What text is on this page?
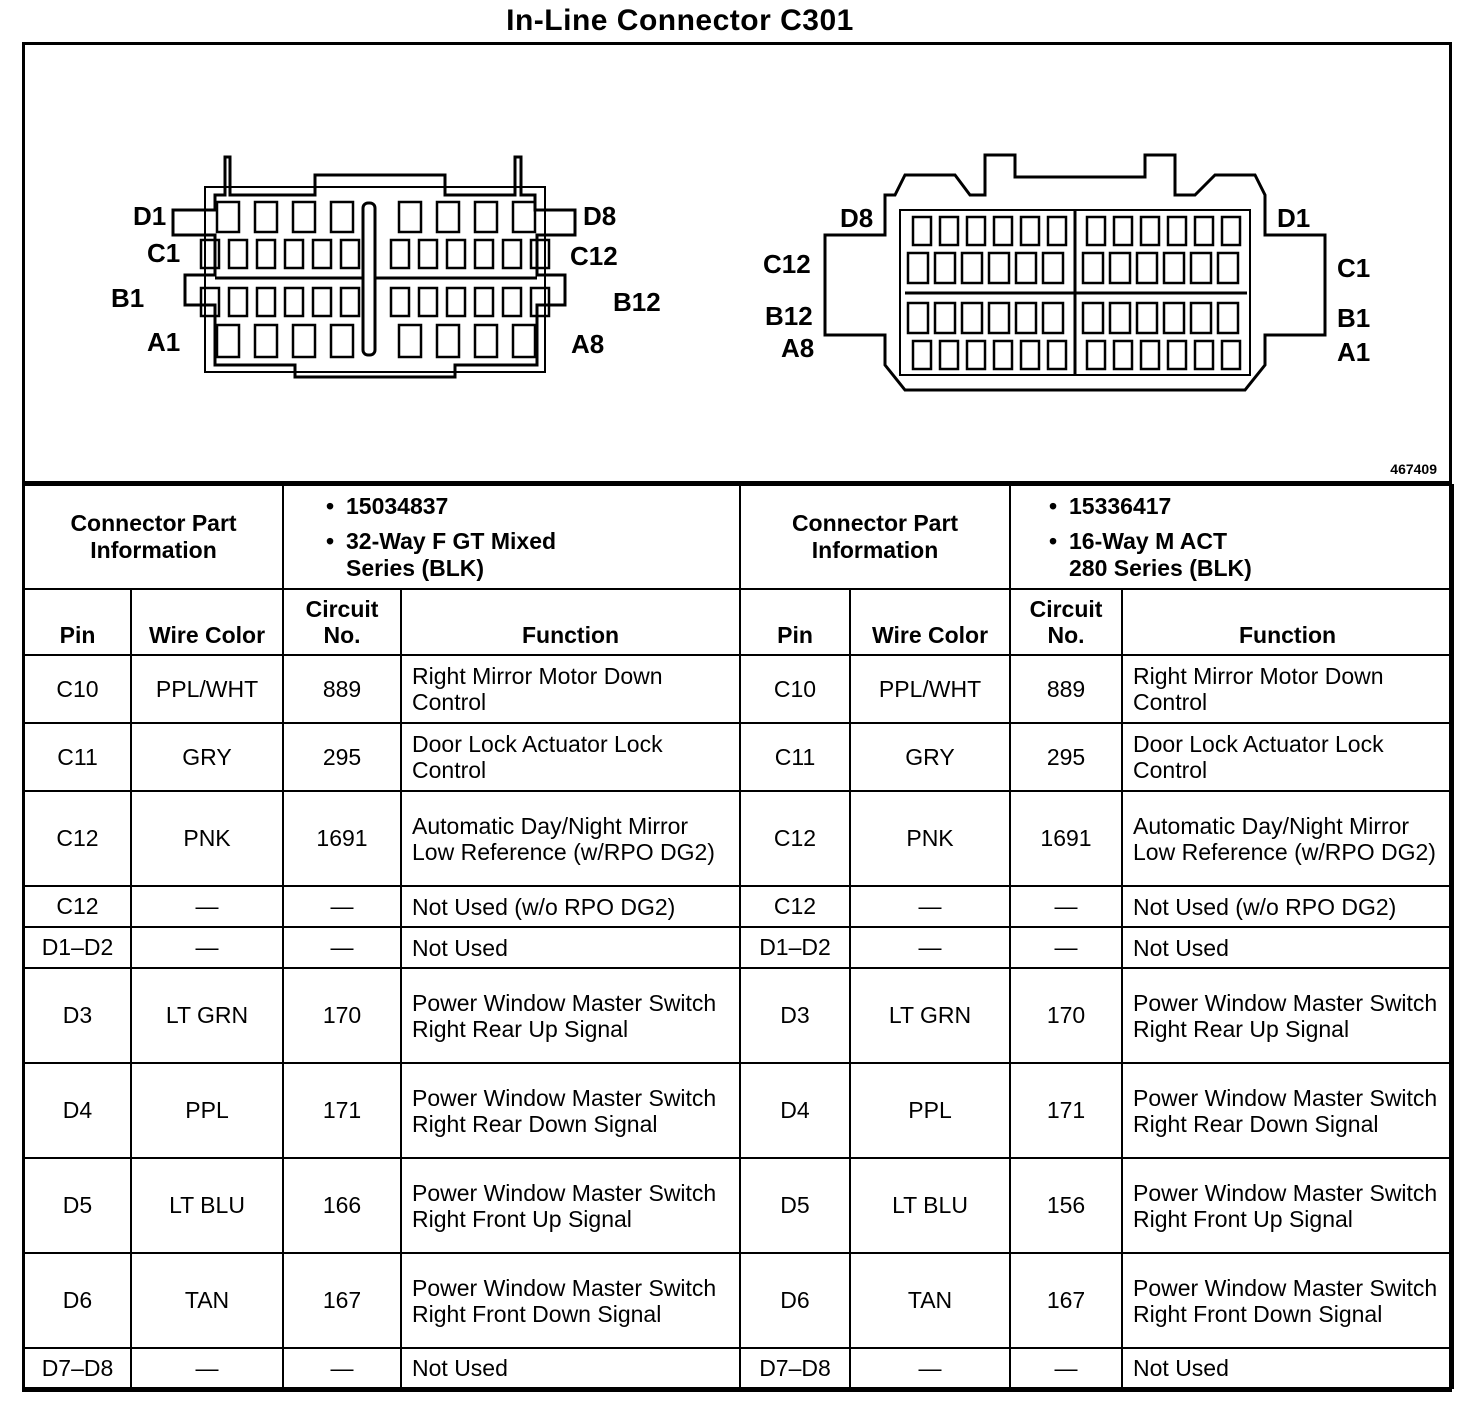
In-Line Connector C301
D1
C1
B1
A1
D8
C12
B12
A8
D8
C12
B12
A8
D1
C1
B1
A1
467409
Connector Part Information		• 15034837
• 32-Way F GT Mixed
Series (BLK)

Pin	Wire Color	Circuit No.	Function
C10	PPL/WHT	889	Right Mirror Motor Down Control
C11	GRY	295	Door Lock Actuator Lock Control
C12	PNK	1691	Automatic Day/Night Mirror Low Reference (w/RPO DG2)
C12	—	—	Not Used (w/o RPO DG2)
D1–D2	—	—	Not Used
D3	LT GRN	170	Power Window Master Switch Right Rear Up Signal
D4	PPL	171	Power Window Master Switch Right Rear Down Signal
D5	LT BLU	166	Power Window Master Switch Right Front Up Signal
D6	TAN	167	Power Window Master Switch Right Front Down Signal
D7–D8	—	—	Not Used
Connector Part Information		• 15336417
• 16-Way M ACT
280 Series (BLK)

Pin	Wire Color	Circuit No.	Function
C10	PPL/WHT	889	Right Mirror Motor Down Control
C11	GRY	295	Door Lock Actuator Lock Control
C12	PNK	1691	Automatic Day/Night Mirror Low Reference (w/RPO DG2)
C12	—	—	Not Used (w/o RPO DG2)
D1–D2	—	—	Not Used
D3	LT GRN	170	Power Window Master Switch Right Rear Up Signal
D4	PPL	171	Power Window Master Switch Right Rear Down Signal
D5	LT BLU	156	Power Window Master Switch Right Front Up Signal
D6	TAN	167	Power Window Master Switch Right Front Down Signal
D7–D8	—	—	Not Used
